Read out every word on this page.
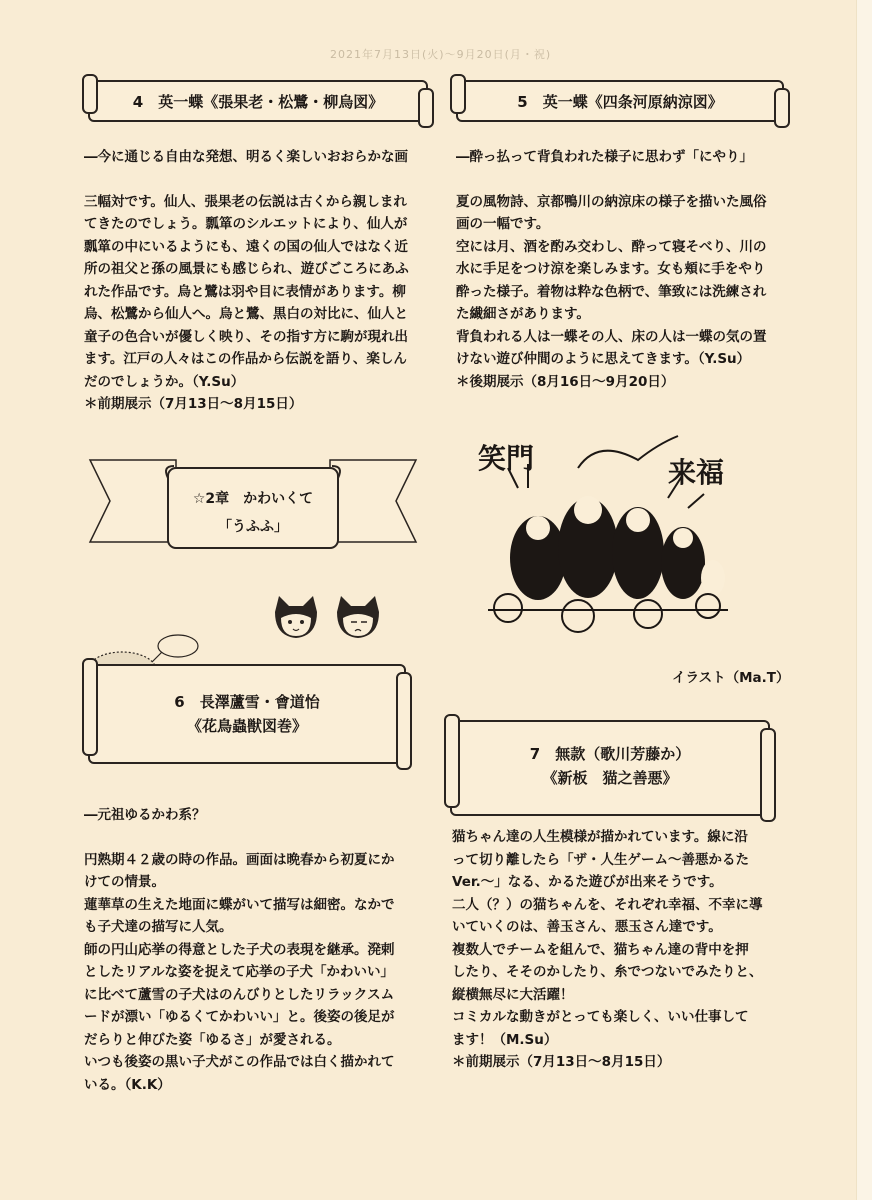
2021年7月13日(火)～9月20日(月・祝)
4　英一蝶《張果老・松鷺・柳烏図》

―今に通じる自由な発想、明るく楽しいおおらかな画

三幅対です。仙人、張果老の伝説は古くから親しまれ

てきたのでしょう。瓢箪のシルエットにより、仙人が

瓢箪の中にいるようにも、遠くの国の仙人ではなく近

所の祖父と孫の風景にも感じられ、遊びごころにあふ

れた作品です。烏と鷺は羽や目に表情があります。柳

烏、松鷺から仙人へ。烏と鷺、黒白の対比に、仙人と

童子の色合いが優しく映り、その指す方に駒が現れ出

ます。江戸の人々はこの作品から伝説を語り、楽しん

だのでしょうか。（Y.Su）

＊前期展示（7月13日～8月15日）

5　英一蝶《四条河原納涼図》

―酔っ払って背負われた様子に思わず「にやり」

夏の風物詩、京都鴨川の納涼床の様子を描いた風俗

画の一幅です。

空には月、酒を酌み交わし、酔って寝そべり、川の

水に手足をつけ涼を楽しみます。女も頬に手をやり

酔った様子。着物は粋な色柄で、筆致には洗練され

た繊細さがあります。

背負われる人は一蝶その人、床の人は一蝶の気の置

けない遊び仲間のように思えてきます。（Y.Su）

＊後期展示（8月16日～9月20日）

☆2章　かわいくて
「うふふ」
6　長澤蘆雪・會道怡
《花鳥蟲獣図巻》

―元祖ゆるかわ系？

円熟期４２歳の時の作品。画面は晩春から初夏にか

けての情景。

蓮華草の生えた地面に蝶がいて描写は細密。なかで

も子犬達の描写に人気。

師の円山応挙の得意とした子犬の表現を継承。溌剌

としたリアルな姿を捉えて応挙の子犬「かわいい」

に比べて蘆雪の子犬はのんびりとしたリラックスム

ードが漂い「ゆるくてかわいい」と。後姿の後足が

だらりと伸びた姿「ゆるさ」が愛される。

いつも後姿の黒い子犬がこの作品では白く描かれて

いる。（K.K）

笑門	来福
イラスト（Ma.T）
7　無款（歌川芳藤か）
《新板　猫之善悪》

猫ちゃん達の人生模様が描かれています。線に沿

って切り離したら「ザ・人生ゲーム～善悪かるた

Ver.～」なる、かるた遊びが出来そうです。

二人（？）の猫ちゃんを、それぞれ幸福、不幸に導

いていくのは、善玉さん、悪玉さん達です。

複数人でチームを組んで、猫ちゃん達の背中を押

したり、そそのかしたり、糸でつないでみたりと、

縦横無尽に大活躍！

コミカルな動きがとっても楽しく、いい仕事して

ます！（M.Su）

＊前期展示（7月13日～8月15日）
